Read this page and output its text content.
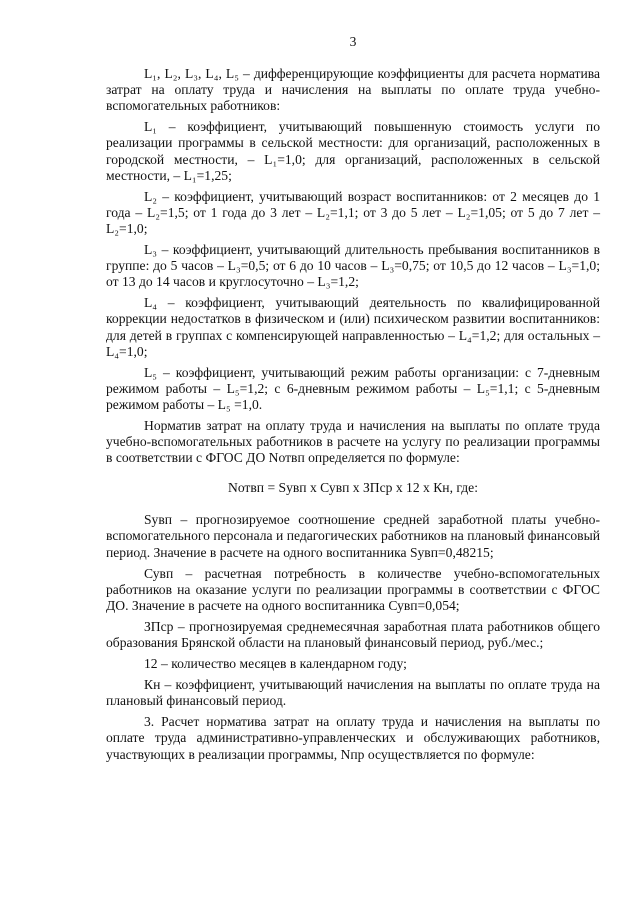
3

L₁, L₂, L₃, L₄, L₅ – дифференцирующие коэффициенты для расчета норматива затрат на оплату труда и начисления на выплаты по оплате труда учебно-вспомогательных работников:

L₁ – коэффициент, учитывающий повышенную стоимость услуги по реализации программы в сельской местности: для организаций, расположенных в городской местности, – L₁=1,0; для организаций, расположенных в сельской местности, – L₁=1,25;

L₂ – коэффициент, учитывающий возраст воспитанников: от 2 месяцев до 1 года – L₂=1,5; от 1 года до 3 лет – L₂=1,1; от 3 до 5 лет – L₂=1,05; от 5 до 7 лет – L₂=1,0;

L₃ – коэффициент, учитывающий длительность пребывания воспитанников в группе: до 5 часов – L₃=0,5; от 6 до 10 часов – L₃=0,75; от 10,5 до 12 часов – L₃=1,0; от 13 до 14 часов и круглосуточно – L₃=1,2;

L₄ – коэффициент, учитывающий деятельность по квалифицированной коррекции недостатков в физическом и (или) психическом развитии воспитанников: для детей в группах с компенсирующей направленностью – L₄=1,2; для остальных – L₄=1,0;

L₅ – коэффициент, учитывающий режим работы организации: с 7-дневным режимом работы – L₅=1,2; с 6-дневным режимом работы – L₅=1,1; с 5-дневным режимом работы – L₅ =1,0.

Норматив затрат на оплату труда и начисления на выплаты по оплате труда учебно-вспомогательных работников в расчете на услугу по реализации программы в соответствии с ФГОС ДО Nотвп определяется по формуле:

Nотвп = Sувп x Сувп x ЗПср x 12 x Кн, где:

Sувп – прогнозируемое соотношение средней заработной платы учебно-вспомогательного персонала и педагогических работников на плановый финансовый период. Значение в расчете на одного воспитанника Sувп=0,48215;

Сувп – расчетная потребность в количестве учебно-вспомогательных работников на оказание услуги по реализации программы в соответствии с ФГОС ДО. Значение в расчете на одного воспитанника Сувп=0,054;

ЗПср – прогнозируемая среднемесячная заработная плата работников общего образования Брянской области на плановый финансовый период, руб./мес.;

12 – количество месяцев в календарном году;

Кн – коэффициент, учитывающий начисления на выплаты по оплате труда на плановый финансовый период.

3. Расчет норматива затрат на оплату труда и начисления на выплаты по оплате труда административно-управленческих и обслуживающих работников, участвующих в реализации программы, Nпр осуществляется по формуле:
